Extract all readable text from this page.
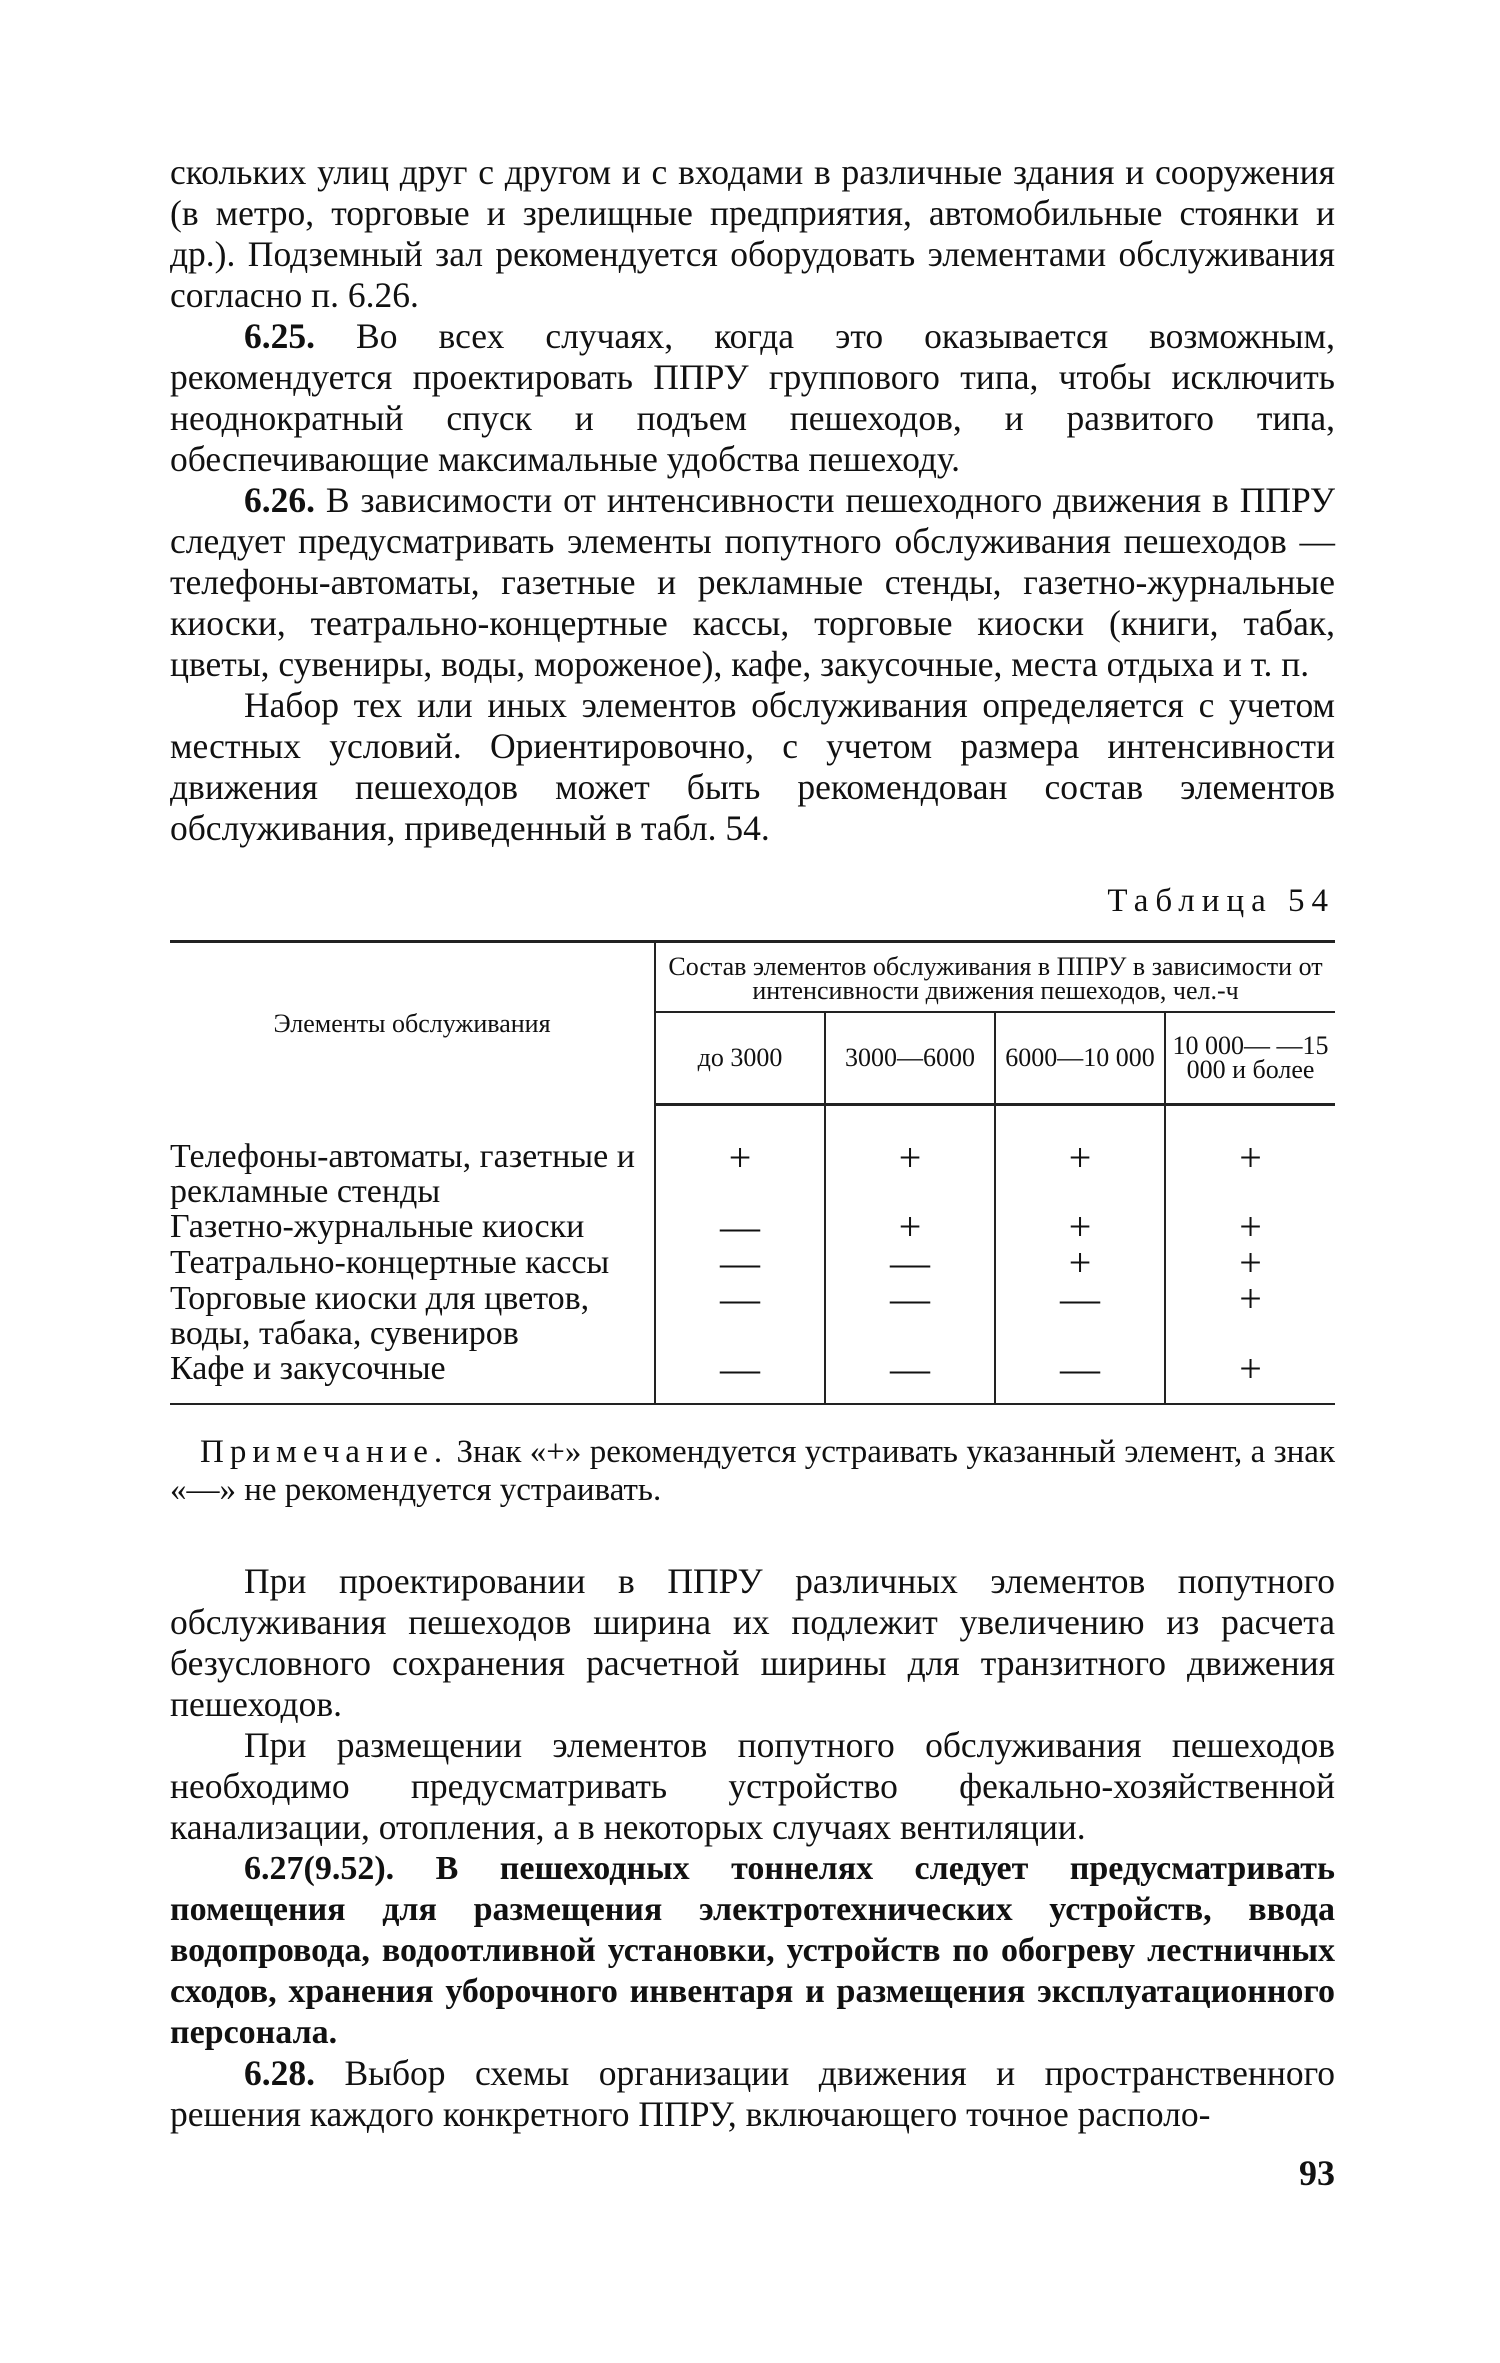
скольких улиц друг с другом и с входами в различные здания и сооружения (в метро, торговые и зрелищные предприятия, автомобильные стоянки и др.). Подземный зал рекомендуется оборудовать элементами обслуживания согласно п. 6.26.

6.25. Во всех случаях, когда это оказывается возможным, рекомендуется проектировать ППРУ группового типа, чтобы исключить неоднократный спуск и подъем пешеходов, и развитого типа, обеспечивающие максимальные удобства пешеходу.

6.26. В зависимости от интенсивности пешеходного движения в ППРУ следует предусматривать элементы попутного обслуживания пешеходов — телефоны-автоматы, газетные и рекламные стенды, газетно-журнальные киоски, театрально-концертные кассы, торговые киоски (книги, табак, цветы, сувениры, воды, мороженое), кафе, закусочные, места отдыха и т. п.

Набор тех или иных элементов обслуживания определяется с учетом местных условий. Ориентировочно, с учетом размера интенсивности движения пешеходов может быть рекомендован состав элементов обслуживания, приведенный в табл. 54.

Таблица 54
Элементы обслуживания	Состав элементов обслуживания в ППРУ в зависимости от интенсивности движения пешеходов, чел.-ч			
	до 3000	3000—6000	6000—10 000	10 000— —15 000 и более
Телефоны-автоматы, газетные и рекламные стенды	+	+	+	+
Газетно-журнальные киоски	—	+	+	+
Театрально-концертные кассы	—	—	+	+
Торговые киоски для цветов, воды, табака, сувениров	—	—	—	+
Кафе и закусочные	—	—	—	+

Примечание. Знак «+» рекомендуется устраивать указанный элемент, а знак «—» не рекомендуется устраивать.

При проектировании в ППРУ различных элементов попутного обслуживания пешеходов ширина их подлежит увеличению из расчета безусловного сохранения расчетной ширины для транзитного движения пешеходов.

При размещении элементов попутного обслуживания пешеходов необходимо предусматривать устройство фекально-хозяйственной канализации, отопления, а в некоторых случаях вентиляции.

6.27(9.52). В пешеходных тоннелях следует предусматривать помещения для размещения электротехнических устройств, ввода водопровода, водоотливной установки, устройств по обогреву лестничных сходов, хранения уборочного инвентаря и размещения эксплуатационного персонала.

6.28. Выбор схемы организации движения и пространственного решения каждого конкретного ППРУ, включающего точное располо-

93
